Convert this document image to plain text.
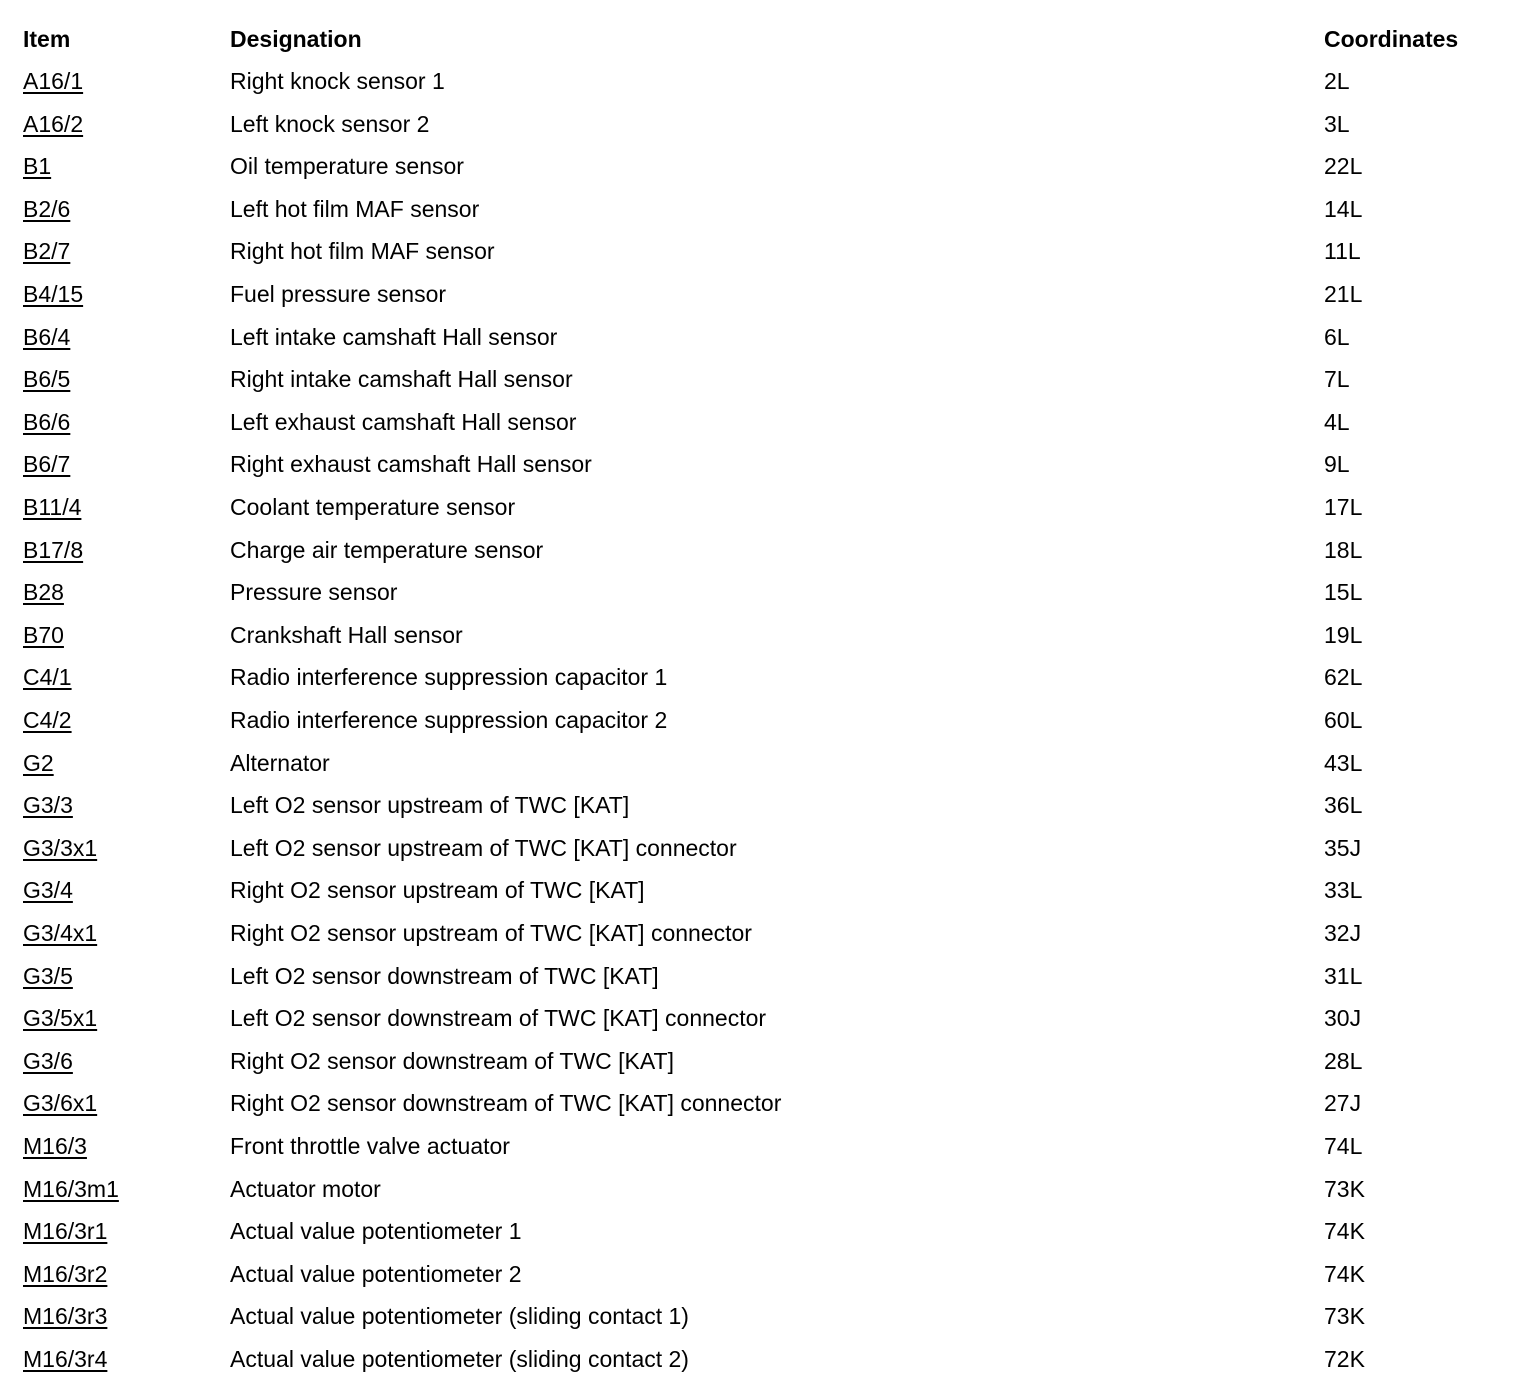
Item	Designation	Coordinates
A16/1	Right knock sensor 1	2L
A16/2	Left knock sensor 2	3L
B1	Oil temperature sensor	22L
B2/6	Left hot film MAF sensor	14L
B2/7	Right hot film MAF sensor	11L
B4/15	Fuel pressure sensor	21L
B6/4	Left intake camshaft Hall sensor	6L
B6/5	Right intake camshaft Hall sensor	7L
B6/6	Left exhaust camshaft Hall sensor	4L
B6/7	Right exhaust camshaft Hall sensor	9L
B11/4	Coolant temperature sensor	17L
B17/8	Charge air temperature sensor	18L
B28	Pressure sensor	15L
B70	Crankshaft Hall sensor	19L
C4/1	Radio interference suppression capacitor 1	62L
C4/2	Radio interference suppression capacitor 2	60L
G2	Alternator	43L
G3/3	Left O2 sensor upstream of TWC [KAT]	36L
G3/3x1	Left O2 sensor upstream of TWC [KAT] connector	35J
G3/4	Right O2 sensor upstream of TWC [KAT]	33L
G3/4x1	Right O2 sensor upstream of TWC [KAT] connector	32J
G3/5	Left O2 sensor downstream of TWC [KAT]	31L
G3/5x1	Left O2 sensor downstream of TWC [KAT] connector	30J
G3/6	Right O2 sensor downstream of TWC [KAT]	28L
G3/6x1	Right O2 sensor downstream of TWC [KAT] connector	27J
M16/3	Front throttle valve actuator	74L
M16/3m1	Actuator motor	73K
M16/3r1	Actual value potentiometer 1	74K
M16/3r2	Actual value potentiometer 2	74K
M16/3r3	Actual value potentiometer (sliding contact 1)	73K
M16/3r4	Actual value potentiometer (sliding contact 2)	72K
